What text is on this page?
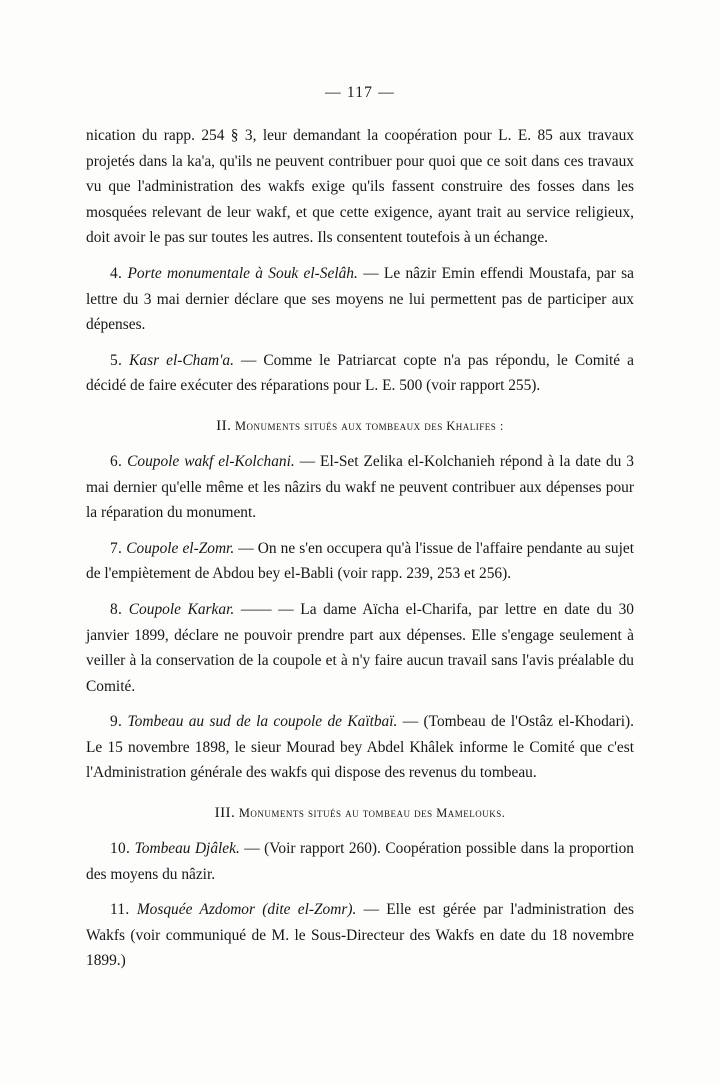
— 117 —

nication du rapp. 254 § 3, leur demandant la coopération pour L. E. 85 aux travaux projetés dans la ka'a, qu'ils ne peuvent contribuer pour quoi que ce soit dans ces travaux vu que l'administration des wakfs exige qu'ils fassent construire des fosses dans les mosquées relevant de leur wakf, et que cette exigence, ayant trait au service religieux, doit avoir le pas sur toutes les autres. Ils consentent toutefois à un échange.

4. Porte monumentale à Souk el-Selâh. — Le nâzir Emin effendi Moustafa, par sa lettre du 3 mai dernier déclare que ses moyens ne lui permettent pas de participer aux dépenses.

5. Kasr el-Cham'a. — Comme le Patriarcat copte n'a pas répondu, le Comité a décidé de faire exécuter des réparations pour L. E. 500 (voir rapport 255).

II. Monuments situés aux tombeaux des Khalifes :

6. Coupole wakf el-Kolchani. — El-Set Zelika el-Kolchanieh répond à la date du 3 mai dernier qu'elle même et les nâzirs du wakf ne peuvent contribuer aux dépenses pour la réparation du monument.

7. Coupole el-Zomr. — On ne s'en occupera qu'à l'issue de l'affaire pendante au sujet de l'empiètement de Abdou bey el-Babli (voir rapp. 239, 253 et 256).

8. Coupole Karkar. —— — La dame Aïcha el-Charifa, par lettre en date du 30 janvier 1899, déclare ne pouvoir prendre part aux dépenses. Elle s'engage seulement à veiller à la conservation de la coupole et à n'y faire aucun travail sans l'avis préalable du Comité.

9. Tombeau au sud de la coupole de Kaïtbaï. — (Tombeau de l'Ostâz el-Khodari). Le 15 novembre 1898, le sieur Mourad bey Abdel Khâlek informe le Comité que c'est l'Administration générale des wakfs qui dispose des revenus du tombeau.

III. Monuments situés au tombeau des Mamelouks.

10. Tombeau Djâlek. — (Voir rapport 260). Coopération possible dans la proportion des moyens du nâzir.

11. Mosquée Azdomor (dite el-Zomr). — Elle est gérée par l'administration des Wakfs (voir communiqué de M. le Sous-Directeur des Wakfs en date du 18 novembre 1899.)
